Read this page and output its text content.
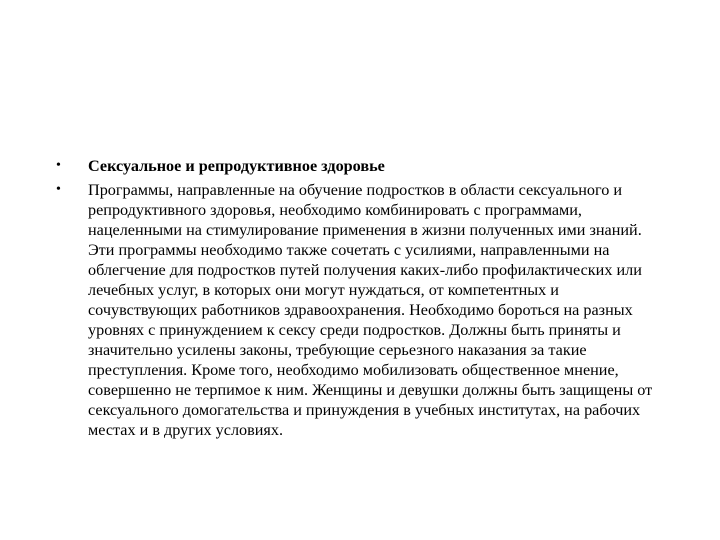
•	Сексуальное и репродуктивное здоровье
•	Программы, направленные на обучение подростков в области сексуального и репродуктивного здоровья, необходимо комбинировать с программами, нацеленными на стимулирование применения в жизни полученных ими знаний. Эти программы необходимо также сочетать с усилиями, направленными на облегчение для подростков путей получения каких-либо профилактических или лечебных услуг, в которых они могут нуждаться, от компетентных и сочувствующих работников здравоохранения. Необходимо бороться на разных уровнях с принуждением к сексу среди подростков. Должны быть приняты и значительно усилены законы, требующие серьезного наказания за такие преступления. Кроме того, необходимо мобилизовать общественное мнение, совершенно не терпимое к ним. Женщины и девушки должны быть защищены от сексуального домогательства и принуждения в учебных институтах, на рабочих местах и в других условиях.
